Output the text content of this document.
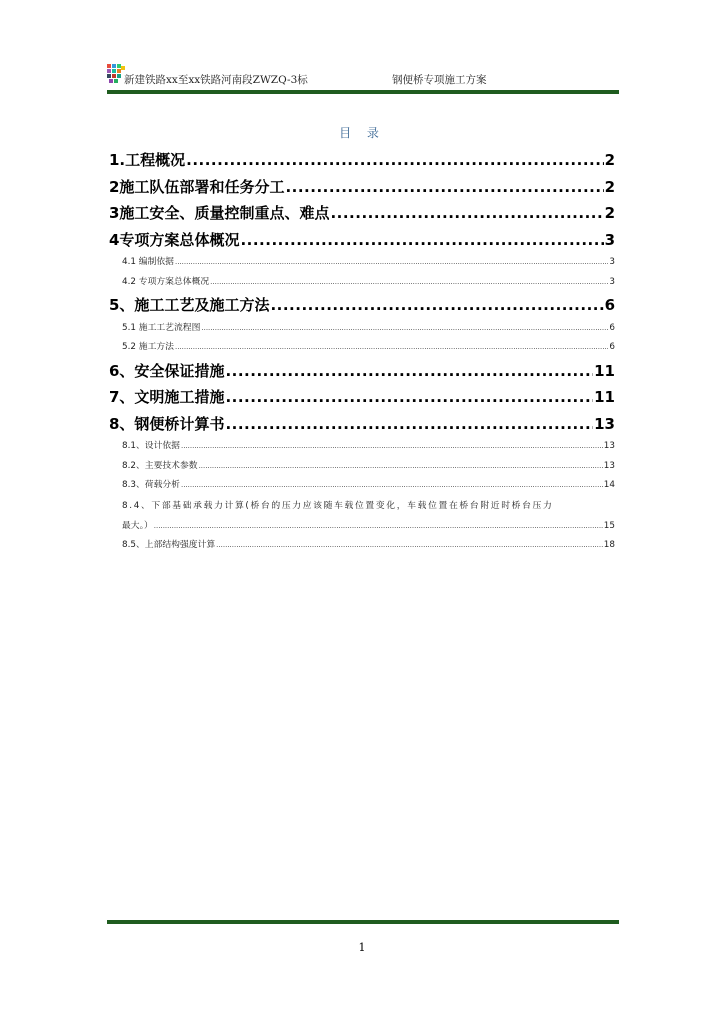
新建铁路xx至xx铁路河南段ZWZQ-3标	钢便桥专项施工方案
目 录
1.工程概况 .....	2
2施工队伍部署和任务分工 .....	2
3施工安全、质量控制重点、难点 .....	2
4专项方案总体概况 .....	3
4.1 编制依据 .....	3
4.2 专项方案总体概况 .....	3
5、施工工艺及施工方法 .....	6
5.1 施工工艺流程图 .....	6
5.2 施工方法 .....	6
6、安全保证措施 .....	11
7、文明施工措施 .....	11
8、钢便桥计算书 .....	13
8.1、设计依据 .....	13
8.2、主要技术参数 .....	13
8.3、荷载分析 .....	14
8.4、下部基础承载力计算(桥台的压力应该随车载位置变化，车载位置在桥台附近时桥台压力
最大。） .....	15
8.5、上部结构强度计算 .....	18
1
